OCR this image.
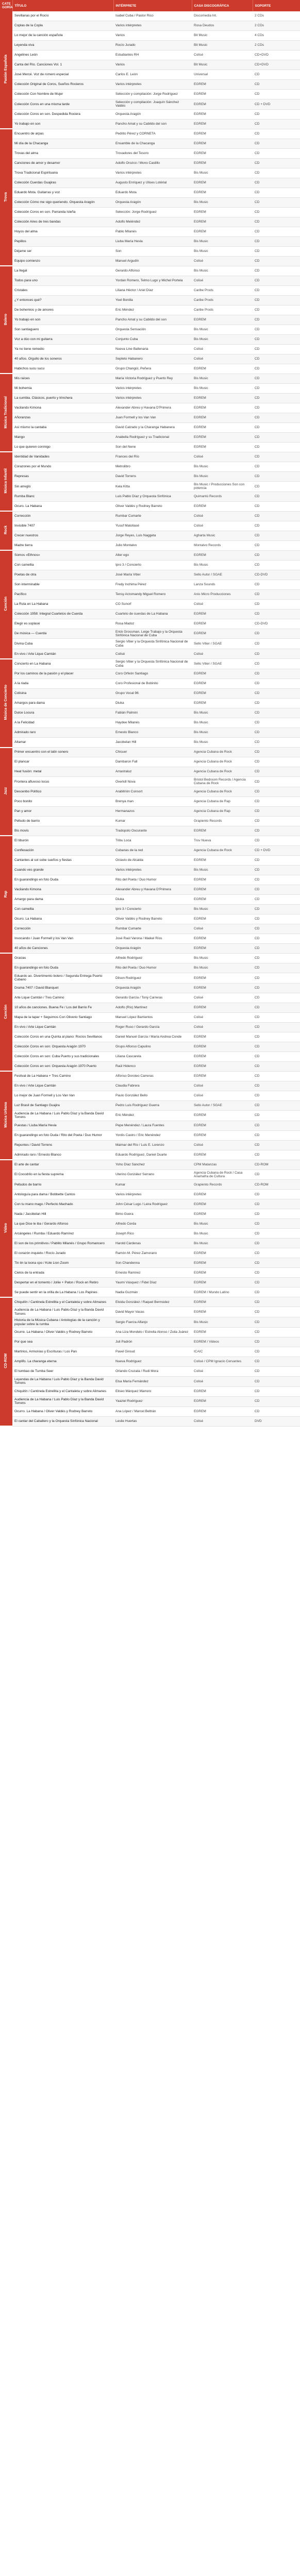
CATE GORÍA	TÍTULO	INTÉRPRETE	CASA DISCOGRÁFICA	SOPORTE
Pasión Española	Sevillanas por el Rocío	Isabel Cuba / Pastor Rico	Discomedia Int.	2 CDs
	Coplas de la Copla	Varios intérpretes	Rosa Deudos	2 CDs
	Lo mejor de la canción española	Varios	Bit Music	4 CDs
	Leyenda viva	Rocío Jurado	Bit Music	2 CDs
	Angelines León	Estudiantes RH	Colisé	CD+DVD
	Canta del Río. Canciones Vol. 1	Varios	Bit Music	CD+DVD
	José Mercé. Voz de romero especial	Carlos E. León	Universal	CD
	Colección Original de Coros, Sueños Rocieros	Varios intérpretes	EGREM	CD
	Colección Con Nombre de Mujer	Selección y compilación: Jorge Rodríguez	EGREM	CD
	Colección Coros en una misma tarde	Selección y compilación: Joaquín Sánchez Valdés	EGREM	CD + DVD
	Colección Coros en son. Despedida Rociera	Orquesta Aragón	EGREM	CD
	Yo trabajo en son	Pancho Amat y su Cabildo del son	EGREM	CD
Trova	Encuentro de arpas	Pedrito Pérez y CORNETA	EGREM	CD
	Mi día de la Chacanga	Ensamble de la Chacanga	EGREM	CD
	Trovas del alma	Trovadores del Tesoro	EGREM	CD
	Canciones de amor y desamor	Adolfo Orozco / Mono Castillo	EGREM	CD
	Trova Tradicional Espirituana	Varios intérpretes	Bis Music	CD
	Colección Cuerdas Guajiras	Augusto Enríquez y Ulises Lotérial	EGREM	CD
	Eduardo Mota. Guitarras y voz	Eduardo Mota	EGREM	CD
	Colección Cómo me sigo queriendo. Orquesta Aragón	Orquesta Aragón	Bis Music	CD
	Colección Coros en son. Parranda Isleña	Selección: Jorge Rodríguez	EGREM	CD
	Colección Aires de tres bandas	Adolfo Meléndez	EGREM	CD
	Hoyos del alma	Pablo Milanés	EGREM	CD
	Pepillos	Liuba María Hevia	Bis Music	CD
	Déjame ser	Son	Bis Music	CD
	Equipo comienzo	Manuel Argudín	Colisé	CD
Bolero	La Ilegal	Gerardo Alfonso	Bis Music	CD
	Todos para uno	Yordan Romero, Telmo Lugo y Michel Portela	Colisé	CD
	Cristales	Liliana Héctor / Ariel Díaz	Caribe Prods	CD
	¿Y entonces qué?	Yoel Bonilla	Caribe Prods	CD
	De bohemios y de amores	Eric Méndez	Caribe Prods	CD
	Yo trabajo en son	Pancho Amat y su Cabildo del son	EGREM	CD
	Son santiaguero	Orquesta Sensación	Bis Music	CD
	Voz a dúo con mi guitarra	Conjunto Cuba	Bis Music	CD
	Ya no tiene remedio	Nueva Line Ballenaria	Colisé	CD
	40 años. Orgullo de los soneros	Septeto Habanero	Colisé	CD
	Habichos sucu sucu	Grupo Changüí, Peñera	EGREM	CD
Música Tradicional	Mis raíces	María Victoria Rodríguez y Puerto Rey	Bis Music	CD
	Mi bohemia	Varios intérpretes	Bis Music	CD
	La cumbia. Clásicos, puerto y trinchera	Varios intérpretes	EGREM	CD
	Vacilando Kimona	Alexander Abreu y Havana D'Primera	EGREM	CD
	Añoranzas	Juan Formell y los Van Van	EGREM	CD
	Así mismo la cantaba	David Calzado y la Charanga Habanera	EGREM	CD
	Mango	Anabella Rodríguez y su Tradicional	EGREM	CD
	Lo que quieren conmigo	Son del Nene	EGREM	CD
Música Infantil	Identidad de Vanidades	Frances del Río	Colisé	CD
	Corazones por el Mundo	Metrolibro	Bis Music	CD
	Represas	David Torrens	Bis Music	CD
	Sin arreglo	Kela Kitta	Bis Music / Producciones Son con potencia	CD
	Rumba Blanc	Luis Pablo Díaz y Orquesta Sinfónica	Quimantú Records	CD
	Ocuro. La Habana	Oliver Valdés y Rodney Barreto	EGREM	CD
Rock	Corrección	Rumbar Cumarte	Colisé	CD
	Invisible 7407	Yusuf Matoliasé	Colisé	CD
	Crecer nuestros	Jorge Reyes, Luis Naggeta	Agharta Music	CD
	Madre tierra	Julio Montalvo	Montalvo Records	CD
Canción	Somos «Ethnos»	Alter ego	EGREM	CD
	Con camellia	Ipro 3 / Concierto	Bis Music	CD
	Poetas de otra	José María Vitier	Sello Autor / SGAE	CD-DVD
	Son interminable	Fredy Inchima Pérez	Lanza Sounds	CD
	Pacífico	Tensy Arzomandy Miguel Romero	Anis Micro Producciones	CD
	La Ruta en La Habana	CO Sunorf	Colisé	CD
	Colección 1958: Integral Cuartetos de Cuerda	Cuarteto de cuerdas de La Habana	EGREM	CD
	Elegir es soplasé	Rosa Madoz	EGREM	CD-DVD
	De música — Cuerda	Erick Grossman, Leige Trabajo y la Orquesta Sinfónica Nacional de Cuba	EGREM	CD
	Divina Cuba	Sergio Vitier y la Orquesta Sinfónica Nacional de Cuba	Sello Vitier / SGAE	CD
	En vivo / Arte Lique Camtán	Colisé	Colisé	CD
Música de Concierto	Concierto en La Habana	Sergio Vitier y la Orquesta Sinfónica Nacional de Cuba	Sello Vitier / SGAE	CD
	Por los caminos de la pasión y el placer	Coro Orfeón Santiago	EGREM	CD
	A la riada	Coro Profesional de Bobinito	EGREM	CD
	Colisina	Grupo Vocal 96	EGREM	CD
	Amargos para dama	Diuka	EGREM	CD
	Dulce Locura	Fabián Palmini	Bis Music	CD
	A la Felicidad	Haydee Milanés	Bis Music	CD
	Admirado raro	Ernesto Blanco	Bis Music	CD
	Altamar	Jacobelan Hill	Bis Music	CD
Jazz	Primer encuentro con el latin sonero	Chicuer	Agencia Cubana de Rock	CD
	El plancar	Dambaron Fall	Agencia Cubana de Rock	CD
	Heat fusión: metal	Arrastraluz	Agencia Cubana de Rock	CD
	Frontera afluvoso locus	Overkill Nova	Bristol Bedroom Records / Agencia Cubana de Rock	CD
	Descenbo Político	Arabitrión Consort	Agencia Cubana de Rock	CD
	Poco bonito	Brenya man	Agencia Cubana de Rap	CD
	Pan y amor	Hermanazos	Agencia Cubana de Rap	CD
	Pelludo de barrio	Kumar	Grapiento Records	CD
	Bis movis	Tradopolo Oscurante	EGREM	CD
Rap	El tiburón	Tribu Loca	Trov Nueva	CD
	Conflexación	Cubanas de la red	Agencia Cubana de Rock	CD + DVD
	Cantantes al sol sobe sueños y fiestas	Octavio de Alcalda	EGREM	CD
	Cuando ves grande	Varios intérpretes	Bis Music	CD
	En guarandingo en foto Duda	Rito del Poeta / Duo Humor	EGREM	CD
	Vacilando Kimona	Alexander Abreu y Havana D'Primera	EGREM	CD
	Amargo para dama	Diuka	EGREM	CD
	Con camellia	Ipro 3 / Concierto	Bis Music	CD
	Ocuro. La Habana	Oliver Valdés y Rodney Barreto	EGREM	CD
	Corrección	Rumbar Cumarte	Colisé	CD
	Invocando / Juan Formell y los Van Van	José Raúl Varona / Maikel Ríos	EGREM	CD
	40 años de Canciones	Orquesta Aragón	EGREM	CD
Canción	Gracias	Alfredo Rodríguez	Bis Music	CD
	En guarandingo en foto Duda	Rito del Poeta / Duo Humor	Bis Music	CD
	Eduardo ao. Divertimento bolero / Segunda Entrega Puerto Cubano	Dilson Rodríguez	EGREM	CD
	Drama 7407 / David Blanquet	Orquesta Aragón	EGREM	CD
	Arte Lique Camtán / Tres Camino	Gerardo García / Tony Carreras	Colisé	CD
	10 años de canciones. Buena Fe / Los del Barrio Fe	Adolfo (Río) Martínez	EGREM	CD
	Mapa de la tapar + Seguimos Con Oliverio Santiago	Manuel López Barrientos	Colisé	CD
	En vivo / Arte Lique Camtán	Roger Ruso / Gerardo García	Colisé	CD
	Colección Coros en una Quinta al piano: Rocíos Sevillanos	Daniel Manuel García / María Andrea Conde	EGREM	CD
	Colección Coros en son: Orquesta Aragón 1970	Grupo Alfonso Capulino	EGREM	CD
	Colección Coros en son: Cuba Puerto y sus tradicionales	Liliana Cascarela	EGREM	CD
	Colección Coros en son: Orquesta Aragón 1970 Puerto	Raúl Hidenco	EGREM	CD
Música Urbana	Festival de La Habana + Tres Camino	Alfonso Doroteo Carreras	EGREM	CD
	En vivo / Arte Lique Camtán	Claudia Fabrera	Colisé	CD
	Lo mejor de Juan Formell y Los Van Van	Paulo González Bello	Colisé	CD
	Luz Brasil de Santiago Guajira	Pedro Luis Rodríguez Guerra	Sello Autor / SGAE	CD
	Audiencia de La Habana / Luis Pablo Díaz y la Banda David Torrens	Eric Méndez	EGREM	CD
	Puestas / Liuba María Hevia	Pepe Menéndez / Laura Fuentes	EGREM	CD
	En guarandingo en foto Duda / Rito del Poeta / Duo Humor	Yordis Castro / Eric Menéndez	EGREM	CD
	Repuntes / David Torrens	Maimar del Río / Luis E. Lorenzo	Colisé	CD
	Admirado raro / Ernesto Blanco	Eduardo Rodríguez, Daniel Duarte	EGREM	CD
Video	El arte de cantar	Yoho Díaz Sánchez	CPM Matanzas	CD-ROM
	El Cocodrilo en la fiesta suprema	Uterino González Serrano	Agencia Cubana de Rock / Casa Anamafra de Cultura	CD
	Pelludos de barrio	Kumar	Grapiento Records	CD-ROM
	Antologuía para dama / Bobbette Cantos	Varios intérpretes	EGREM	CD
	Con tu mano mago / Perfecto Machado	John César Lugo / Leira Rodríguez	EGREM	CD
	Nada / Jacobelan Hill	Bimo Guera	EGREM	CD
	La que Dice le iba / Gerardo Alfonso	Alfredo Cerda	Bis Music	CD
	Arcángeles / Rumba / Eduardo Ramírez	Joseph Rico	Bis Music	CD
	El son de los primitivos / Pablito Milanés / Grupo Romancero	Harold Cárdenas	Bis Music	CD
	El corazón inquieto / Rocío Jurado	Ramón M. Pérez Zamorano	EGREM	CD
	Tin tin la loona cpo / Kole Lion Zoom	Son Chandenna	EGREM	CD
	Cielos de la entrada	Ernesto Ramírez	EGREM	CD
	Despertar en el tomento / Joliie + Paton / Rock en Retiro	Yaumi Vásquez / Fidel Díaz	EGREM	CD
	Se puede sentir en la orilla de La Habana / Los Papines	Nadia Guzmán	EGREM / Mundo Latino	CD
CD-ROM	Chiquitín / Cantinela Estrellita y el Cantaleta y sobre Alimanes	Eloida González / Raquel Bermúdez	EGREM	CD
	Audiencia de La Habana / Luis Pablo Díaz y la Banda David Torrens	David Mayor Vacas	EGREM	CD
	Historia de la Música Cubana / Antologías de la canción y popular sobre la rumba	Sergio Fuerza Alfanjo	Bis Music	CD
	Ocurre. La Habana / Oliver Valdés y Rodney Barreto	Ana Liza Mondelo / Estrella Alonso / Zoila Juárez	EGREM	CD
	Por que sea	Juli Padrón	EGREM / Videos	CD
	Martirios, Armonías y Escrituras / Los Pan	Pavel Giroud	ICAIC	CD
	Amplifo. La charanga eterna	Nueva Rodríguez	Colisé / CPM Ignacio Cervantes	CD
	El tumbao de Tumba Seer	Orlando Cruzata / Rudi Mora	Colisé	CD
	Leyendas de La Habana / Luis Pablo Díaz y la Banda David Torrens	Elsa María Fernández	Colisé	CD
	Chiquitín / Cantinela Estrellita y el Cantaleta y sobre Alimanes	Eliseo Márquez Marrero	EGREM	CD
	Audiencia de La Habana / Luis Pablo Díaz y la Banda David Torrens	Yaaziel Rodríguez	EGREM	CD
	Ocurro. La Habana / Oliver Valdés y Rodney Barreto	Ana López / Marcel Beltrán	EGREM	CD
	El cantar del Caballero y la Orquesta Sinfónica Nacional	Leslie Huertas	Colisé	DVD
